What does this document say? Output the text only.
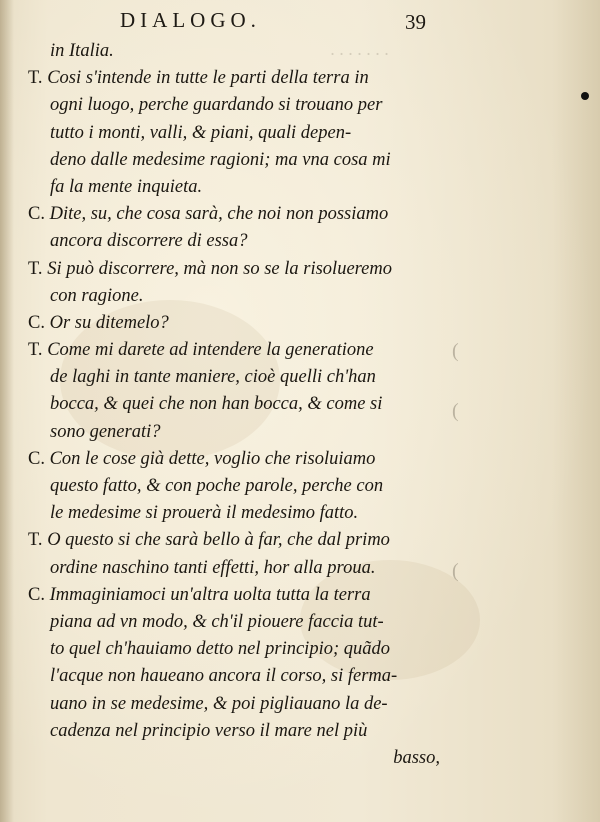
· · · · · · ·
DIALOGO.	39
(
(
(
in Italia.
T. Cosi s'intende in tutte le parti della terra in
ogni luogo, perche guardando si trouano per
tutto i monti, valli, & piani, quali depen-
deno dalle medesime ragioni; ma vna cosa mi
fa la mente inquieta.
C. Dite, su, che cosa sarà, che noi non possiamo
ancora discorrere di essa?
T. Si può discorrere, mà non so se la risolueremo
con ragione.
C. Or su ditemelo?
T. Come mi darete ad intendere la generatione
de laghi in tante maniere, cioè quelli ch'han
bocca, & quei che non han bocca, & come si
sono generati?
C. Con le cose già dette, voglio che risoluiamo
questo fatto, & con poche parole, perche con
le medesime si prouerà il medesimo fatto.
T. O questo si che sarà bello à far, che dal primo
ordine naschino tanti effetti, hor alla proua.
C. Immaginiamoci un'altra uolta tutta la terra
piana ad vn modo, & ch'il piouere faccia tut-
to quel ch'hauiamo detto nel principio; quãdo
l'acque non haueano ancora il corso, si ferma-
uano in se medesime, & poi pigliauano la de-
cadenza nel principio verso il mare nel più
basso,
